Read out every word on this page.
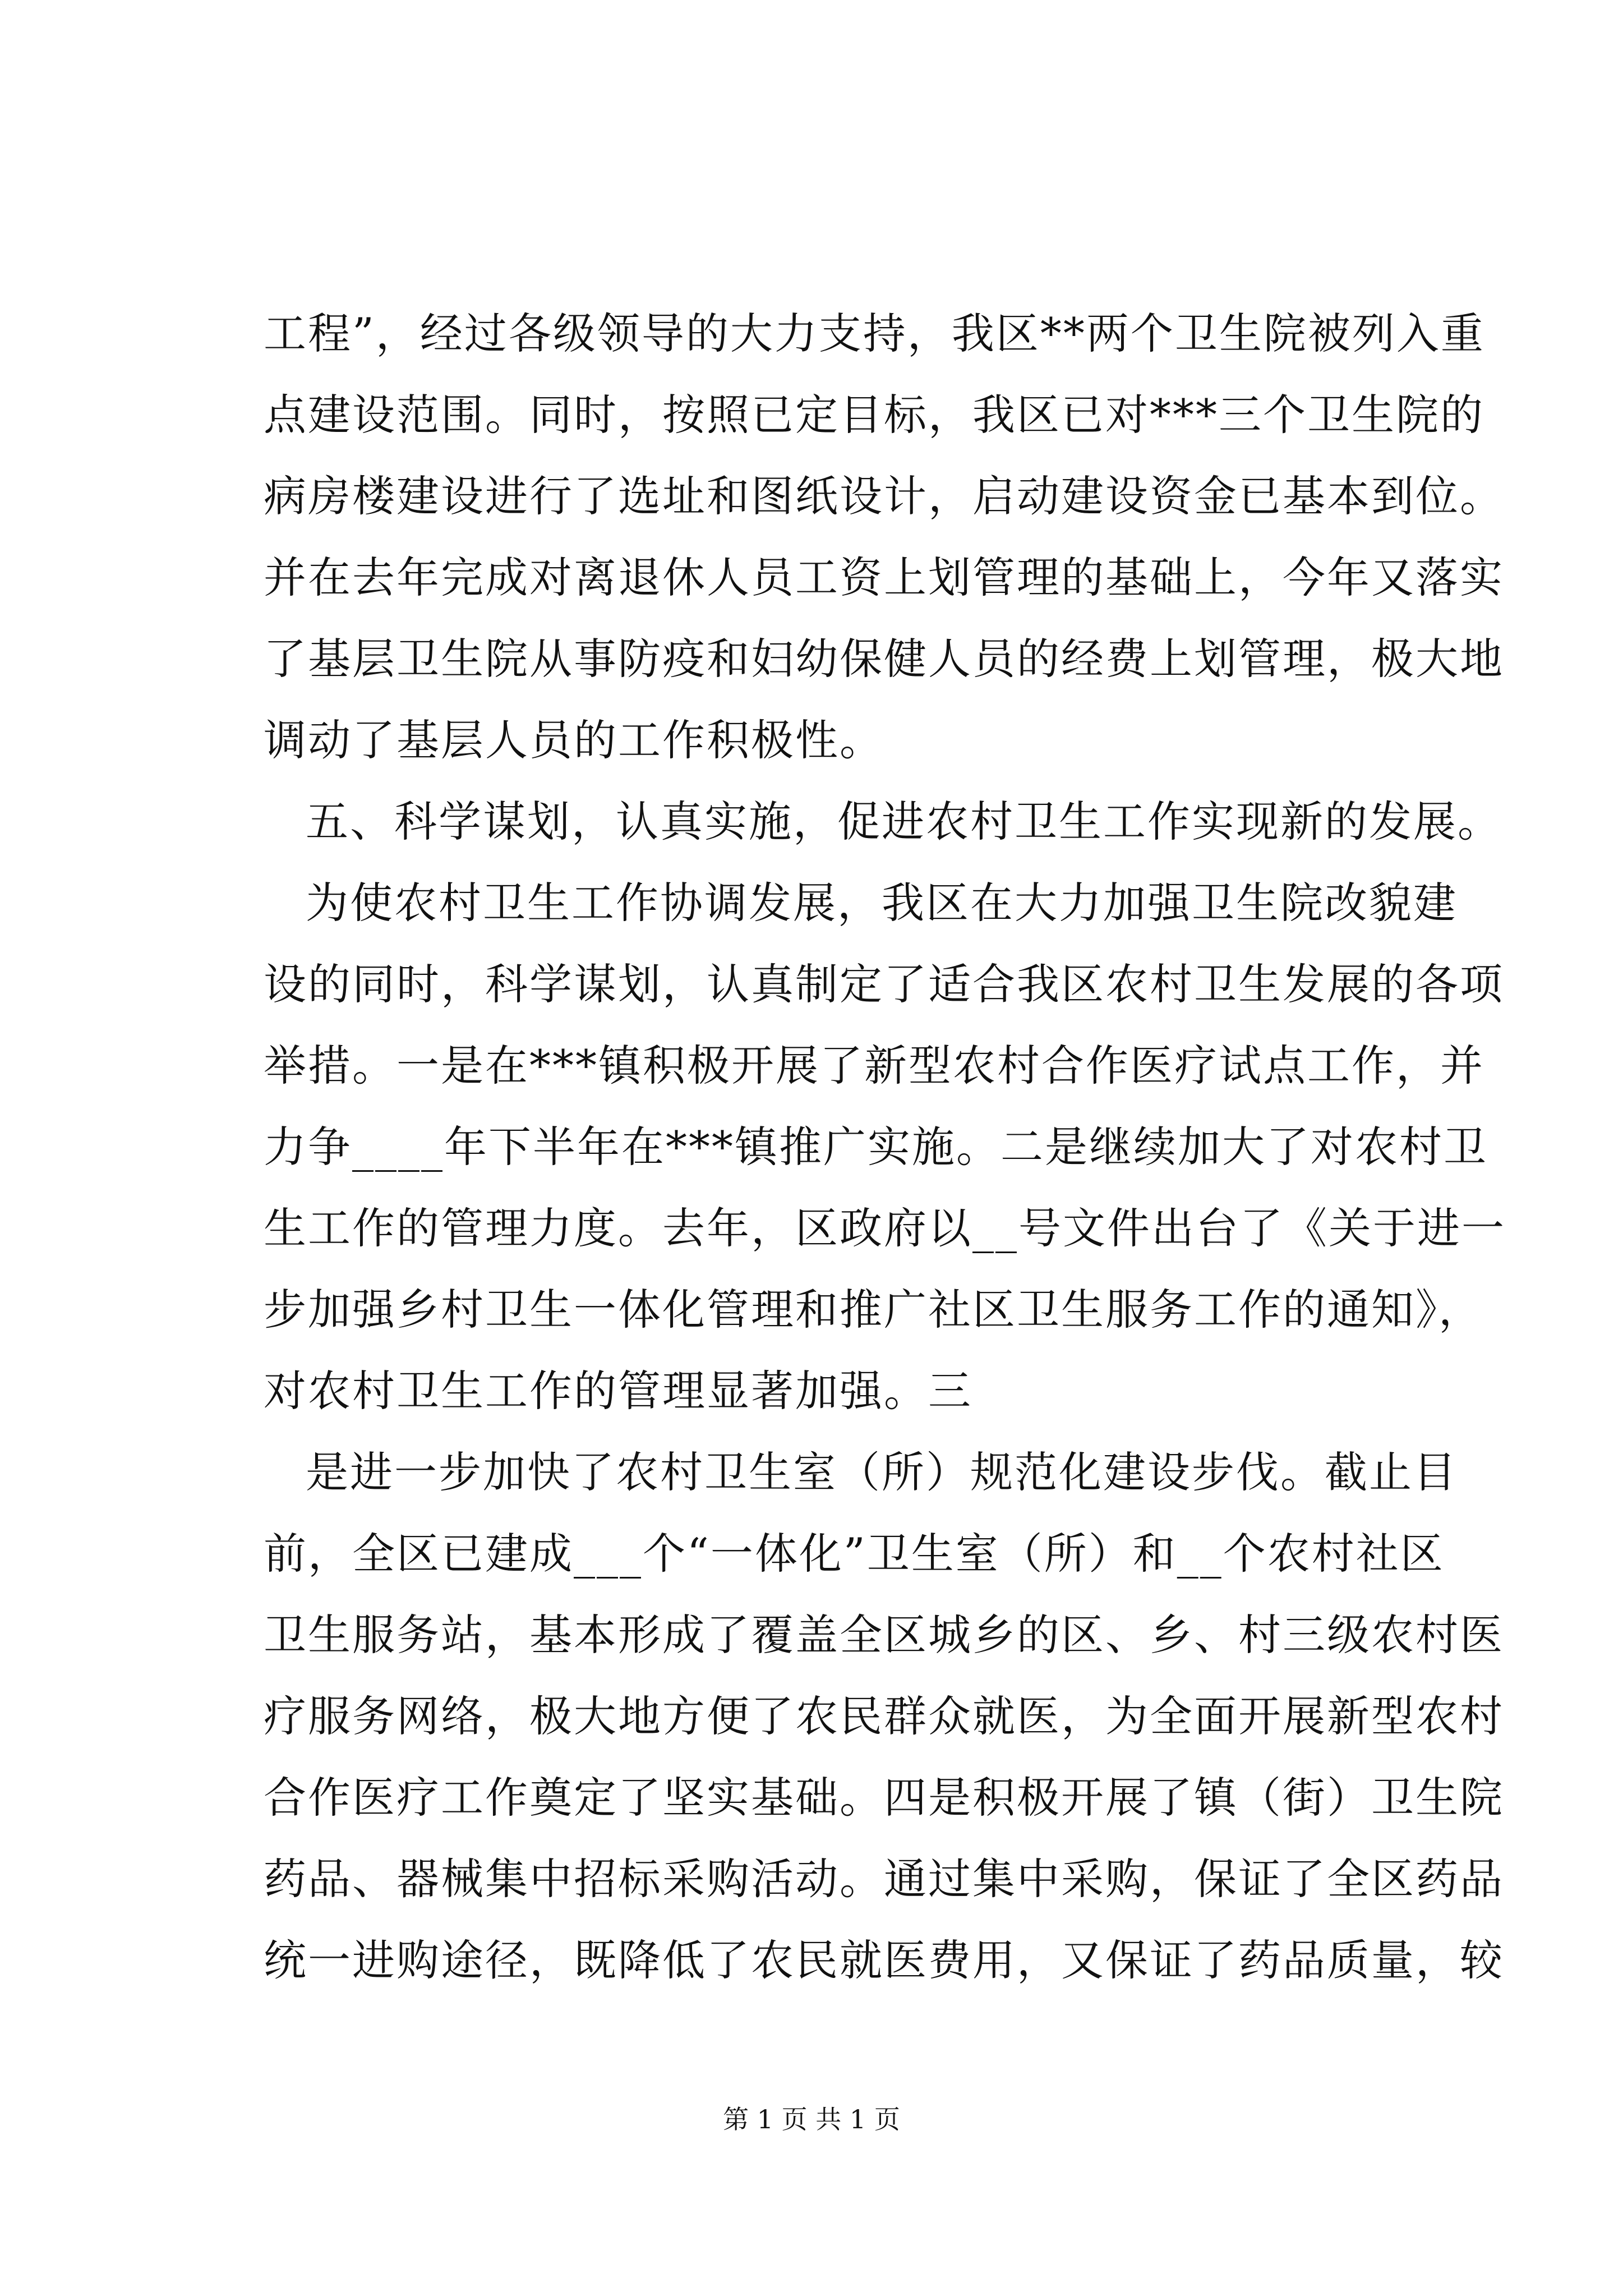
工程”，经过各级领导的大力支持，我区**两个卫生院被列入重
点建设范围。同时，按照已定目标，我区已对***三个卫生院的
病房楼建设进行了选址和图纸设计，启动建设资金已基本到位。
并在去年完成对离退休人员工资上划管理的基础上，今年又落实
了基层卫生院从事防疫和妇幼保健人员的经费上划管理，极大地
调动了基层人员的工作积极性。
五、科学谋划，认真实施，促进农村卫生工作实现新的发展。
为使农村卫生工作协调发展，我区在大力加强卫生院改貌建
设的同时，科学谋划，认真制定了适合我区农村卫生发展的各项
举措。一是在***镇积极开展了新型农村合作医疗试点工作，并
力争____年下半年在***镇推广实施。二是继续加大了对农村卫
生工作的管理力度。去年，区政府以__号文件出台了《关于进一
步加强乡村卫生一体化管理和推广社区卫生服务工作的通知》，
对农村卫生工作的管理显著加强。三
是进一步加快了农村卫生室（所）规范化建设步伐。截止目
前，全区已建成___个“一体化”卫生室（所）和__个农村社区
卫生服务站，基本形成了覆盖全区城乡的区、乡、村三级农村医
疗服务网络，极大地方便了农民群众就医，为全面开展新型农村
合作医疗工作奠定了坚实基础。四是积极开展了镇（街）卫生院
药品、器械集中招标采购活动。通过集中采购，保证了全区药品
统一进购途径，既降低了农民就医费用，又保证了药品质量，较
第 1 页 共 1 页
